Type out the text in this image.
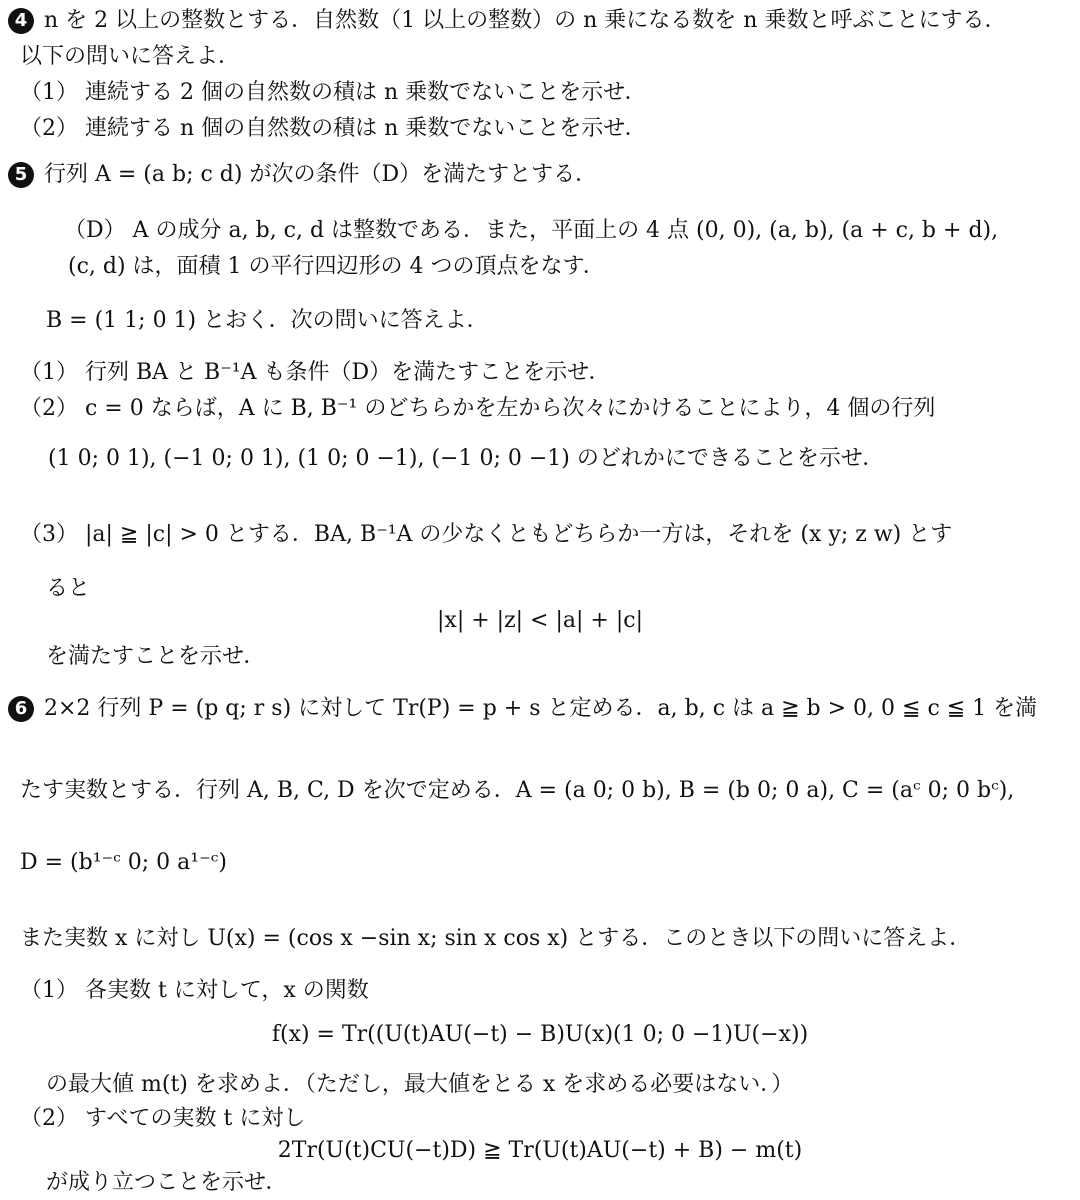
4 n を 2 以上の整数とする．自然数（1 以上の整数）の n 乗になる数を n 乗数と呼ぶことにする．
以下の問いに答えよ．
（1） 連続する 2 個の自然数の積は n 乗数でないことを示せ．
（2） 連続する n 個の自然数の積は n 乗数でないことを示せ．
5 行列 A = (a b; c d) が次の条件（D）を満たすとする．
（D） A の成分 a, b, c, d は整数である．また，平面上の 4 点 (0, 0), (a, b), (a + c, b + d),
(c, d) は，面積 1 の平行四辺形の 4 つの頂点をなす．
B = (1 1; 0 1) とおく．次の問いに答えよ．
（1） 行列 BA と B⁻¹A も条件（D）を満たすことを示せ．
（2） c = 0 ならば，A に B, B⁻¹ のどちらかを左から次々にかけることにより，4 個の行列
(1 0; 0 1), (−1 0; 0 1), (1 0; 0 −1), (−1 0; 0 −1) のどれかにできることを示せ．
（3） |a| ≧ |c| > 0 とする．BA, B⁻¹A の少なくともどちらか一方は，それを (x y; z w) とす
ると
|x| + |z| < |a| + |c|
を満たすことを示せ．
6 2×2 行列 P = (p q; r s) に対して Tr(P) = p + s と定める．a, b, c は a ≧ b > 0, 0 ≦ c ≦ 1 を満
たす実数とする．行列 A, B, C, D を次で定める．A = (a 0; 0 b), B = (b 0; 0 a), C = (aᶜ 0; 0 bᶜ),
D = (b¹⁻ᶜ 0; 0 a¹⁻ᶜ)
また実数 x に対し U(x) = (cos x −sin x; sin x cos x) とする．このとき以下の問いに答えよ．
（1） 各実数 t に対して，x の関数
f(x) = Tr((U(t)AU(−t) − B)U(x)(1 0; 0 −1)U(−x))
の最大値 m(t) を求めよ．（ただし，最大値をとる x を求める必要はない．）
（2） すべての実数 t に対し
2Tr(U(t)CU(−t)D) ≧ Tr(U(t)AU(−t) + B) − m(t)
が成り立つことを示せ．
